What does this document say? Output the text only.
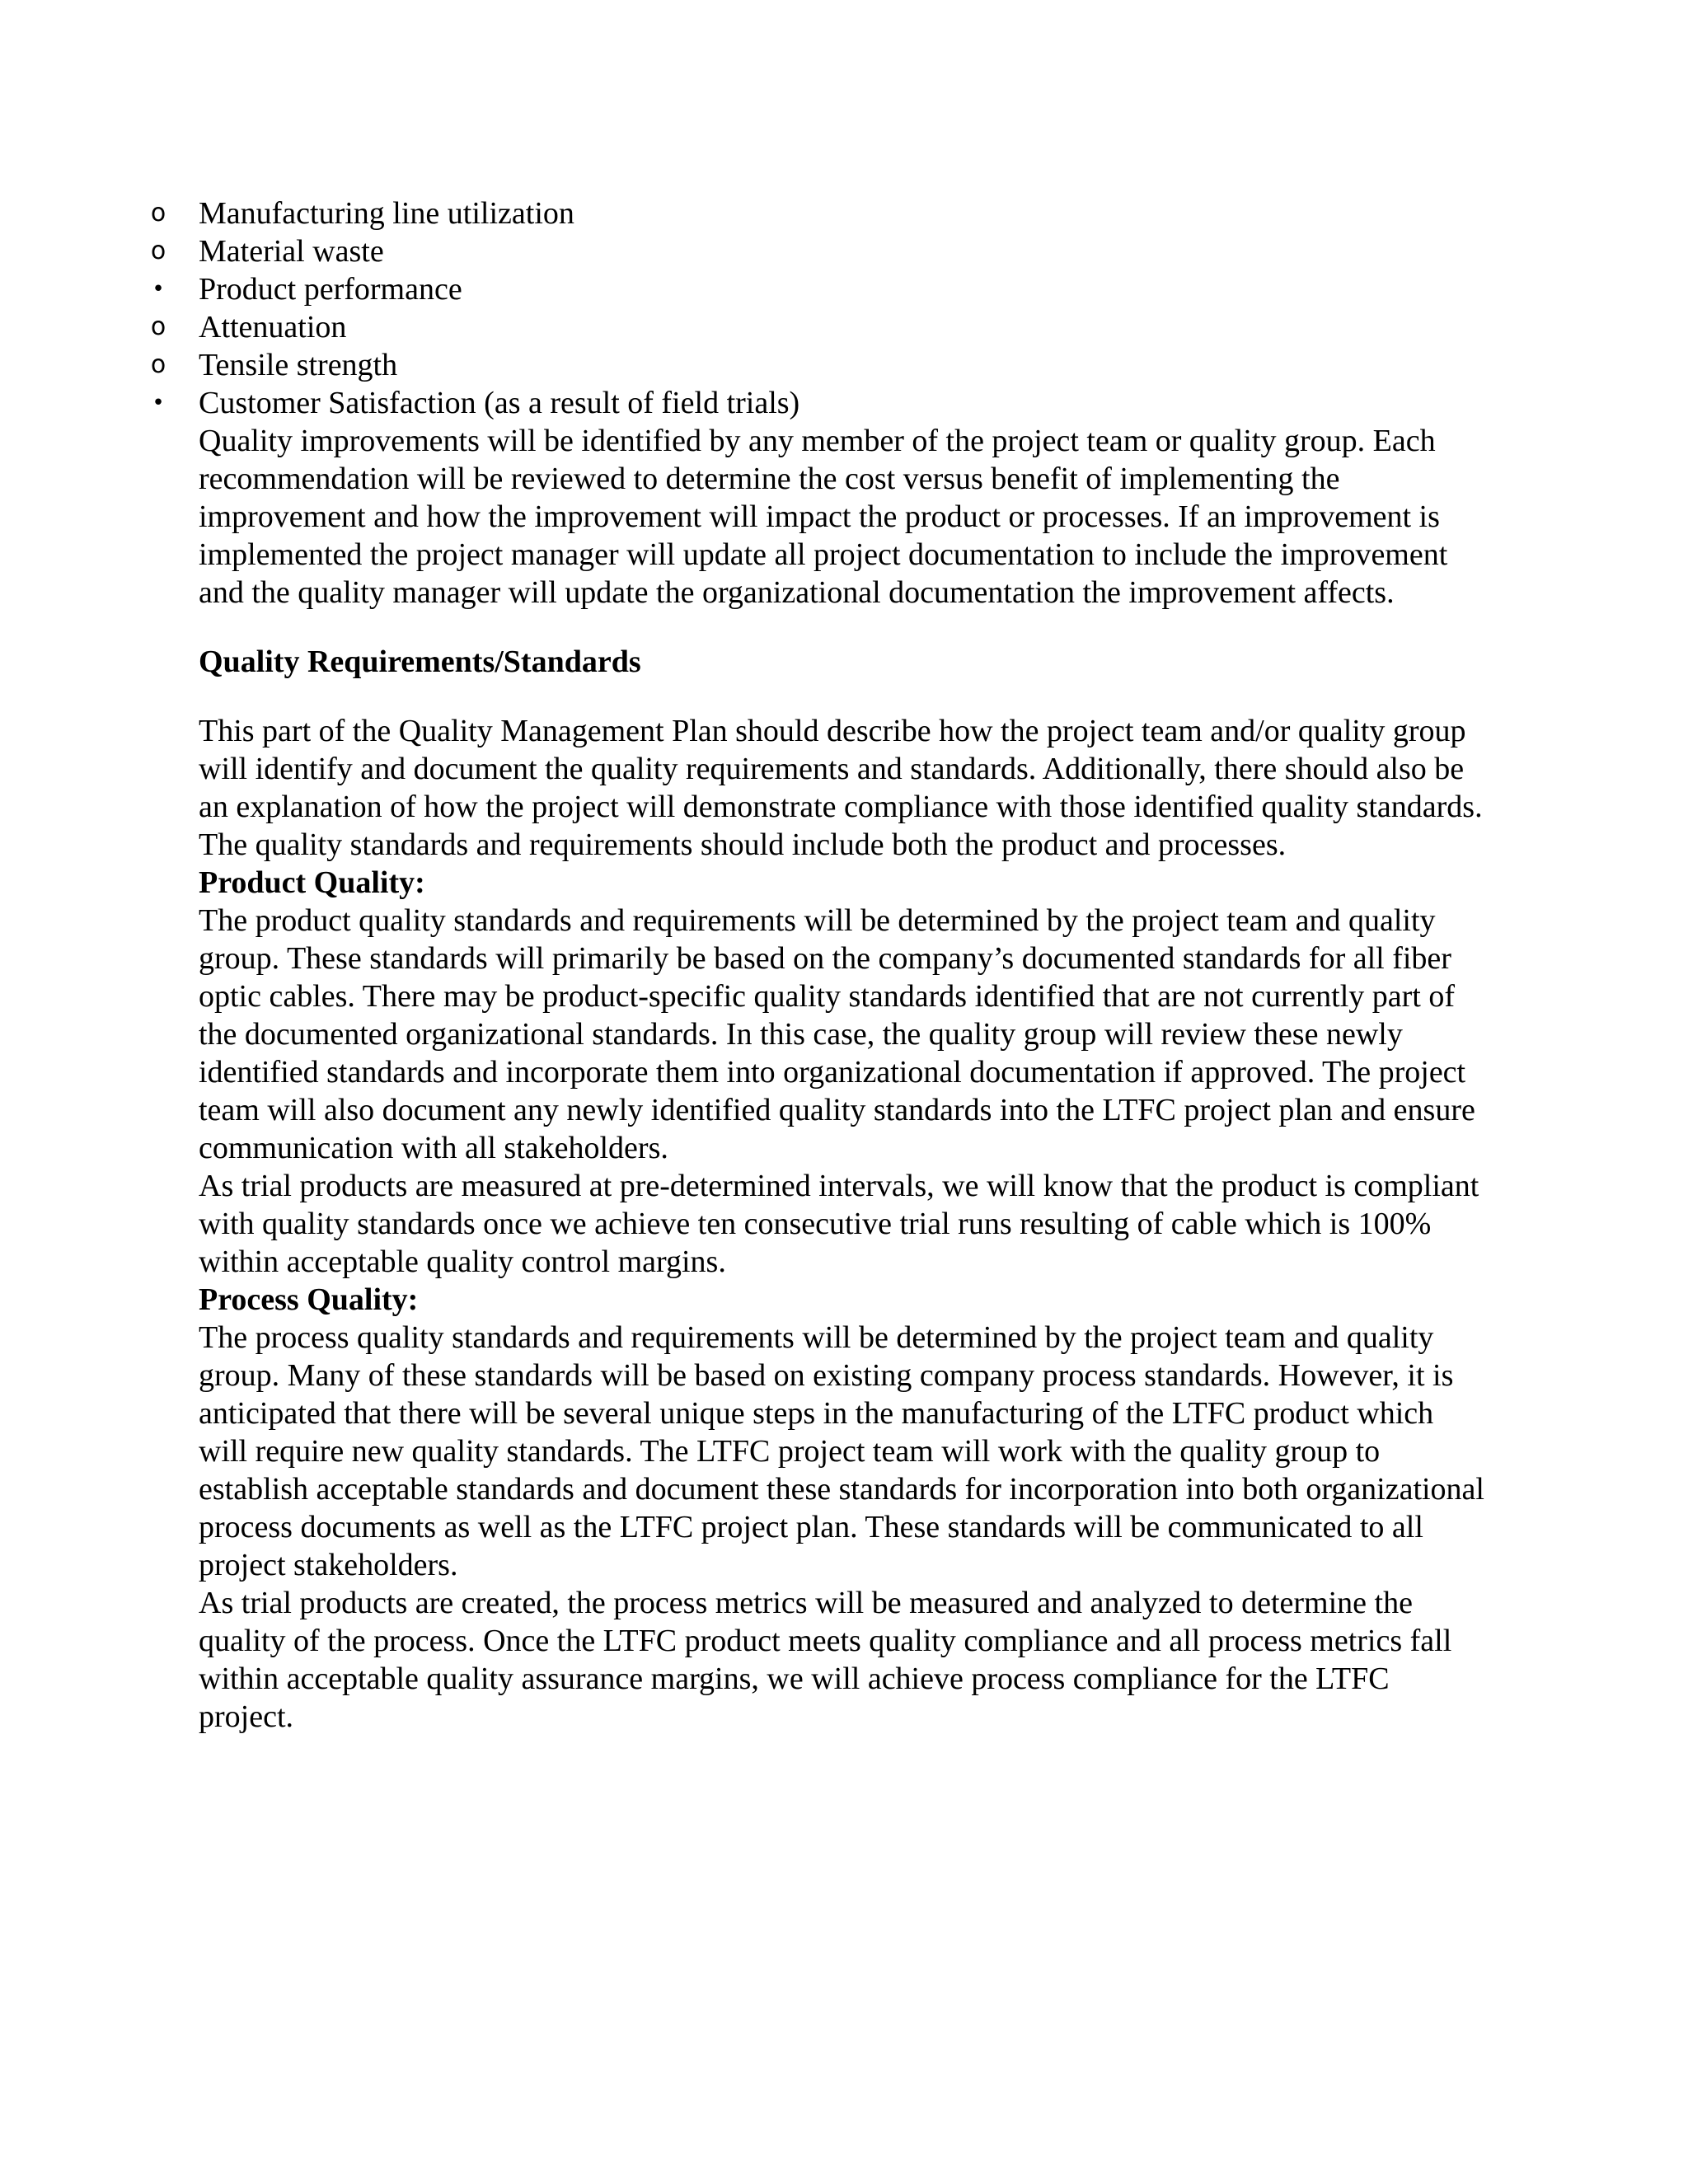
o Manufacturing line utilization
o Material waste
• Product performance
o Attenuation
o Tensile strength
• Customer Satisfaction (as a result of field trials)

Quality improvements will be identified by any member of the project team or quality group. Each recommendation will be reviewed to determine the cost versus benefit of implementing the improvement and how the improvement will impact the product or processes. If an improvement is implemented the project manager will update all project documentation to include the improvement and the quality manager will update the organizational documentation the improvement affects.

Quality Requirements/Standards

This part of the Quality Management Plan should describe how the project team and/or quality group will identify and document the quality requirements and standards. Additionally, there should also be an explanation of how the project will demonstrate compliance with those identified quality standards. The quality standards and requirements should include both the product and processes.

Product Quality:

The product quality standards and requirements will be determined by the project team and quality group. These standards will primarily be based on the company’s documented standards for all fiber optic cables. There may be product-specific quality standards identified that are not currently part of the documented organizational standards. In this case, the quality group will review these newly identified standards and incorporate them into organizational documentation if approved. The project team will also document any newly identified quality standards into the LTFC project plan and ensure communication with all stakeholders.

As trial products are measured at pre-determined intervals, we will know that the product is compliant with quality standards once we achieve ten consecutive trial runs resulting of cable which is 100% within acceptable quality control margins.

Process Quality:

The process quality standards and requirements will be determined by the project team and quality group. Many of these standards will be based on existing company process standards. However, it is anticipated that there will be several unique steps in the manufacturing of the LTFC product which will require new quality standards. The LTFC project team will work with the quality group to establish acceptable standards and document these standards for incorporation into both organizational process documents as well as the LTFC project plan. These standards will be communicated to all project stakeholders.

As trial products are created, the process metrics will be measured and analyzed to determine the quality of the process. Once the LTFC product meets quality compliance and all process metrics fall within acceptable quality assurance margins, we will achieve process compliance for the LTFC project.
